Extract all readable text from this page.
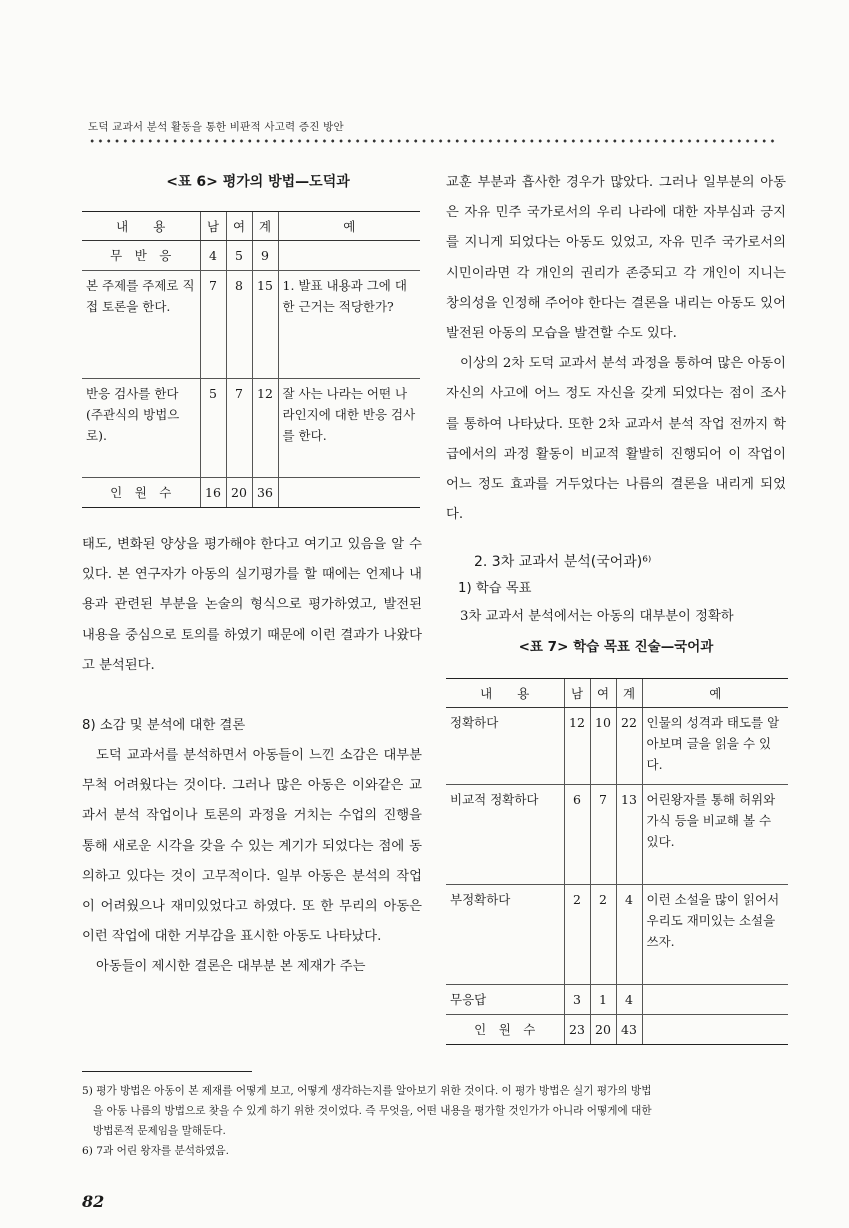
도덕 교과서 분석 활동을 통한 비판적 사고력 증진 방안
<표 6> 평가의 방법—도덕과
내　　용	남	여	계	예
무　반　응	4	5	9	
본 주제를 주제로 직접 토론을 한다.	7	8	15	1. 발표 내용과 그에 대한 근거는 적당한가?
반응 검사를 한다 (주관식의 방법으로).	5	7	12	잘 사는 나라는 어떤 나라인지에 대한 반응 검사를 한다.
인　원　수	16	20	36	

태도, 변화된 양상을 평가해야 한다고 여기고 있음을 알 수 있다. 본 연구자가 아동의 실기평가를 할 때에는 언제나 내용과 관련된 부분을 논술의 형식으로 평가하였고, 발전된 내용을 중심으로 토의를 하였기 때문에 이런 결과가 나왔다고 분석된다.

8) 소감 및 분석에 대한 결론

도덕 교과서를 분석하면서 아동들이 느낀 소감은 대부분 무척 어려웠다는 것이다. 그러나 많은 아동은 이와같은 교과서 분석 작업이나 토론의 과정을 거치는 수업의 진행을 통해 새로운 시각을 갖을 수 있는 계기가 되었다는 점에 동의하고 있다는 것이 고무적이다. 일부 아동은 분석의 작업이 어려웠으나 재미있었다고 하였다. 또 한 무리의 아동은 이런 작업에 대한 거부감을 표시한 아동도 나타났다.

아동들이 제시한 결론은 대부분 본 제재가 주는

교훈 부분과 흡사한 경우가 많았다. 그러나 일부분의 아동은 자유 민주 국가로서의 우리 나라에 대한 자부심과 긍지를 지니게 되었다는 아동도 있었고, 자유 민주 국가로서의 시민이라면 각 개인의 권리가 존중되고 각 개인이 지니는 창의성을 인정해 주어야 한다는 결론을 내리는 아동도 있어 발전된 아동의 모습을 발견할 수도 있다.

이상의 2차 도덕 교과서 분석 과정을 통하여 많은 아동이 자신의 사고에 어느 정도 자신을 갖게 되었다는 점이 조사를 통하여 나타났다. 또한 2차 교과서 분석 작업 전까지 학급에서의 과정 활동이 비교적 활발히 진행되어 이 작업이 어느 정도 효과를 거두었다는 나름의 결론을 내리게 되었다.

2. 3차 교과서 분석(국어과)⁶⁾

1) 학습 목표

3차 교과서 분석에서는 아동의 대부분이 정확하

<표 7> 학습 목표 진술—국어과
내　　용	남	여	계	예
정확하다	12	10	22	인물의 성격과 태도를 알아보며 글을 읽을 수 있다.
비교적 정확하다	6	7	13	어린왕자를 통해 허위와 가식 등을 비교해 볼 수 있다.
부정확하다	2	2	4	이런 소설을 많이 읽어서 우리도 재미있는 소설을 쓰자.
무응답	3	1	4	
인　원　수	23	20	43	

5) 평가 방법은 아동이 본 제재를 어떻게 보고, 어떻게 생각하는지를 알아보기 위한 것이다. 이 평가 방법은 실기 평가의 방법

을 아동 나름의 방법으로 찾을 수 있게 하기 위한 것이었다. 즉 무엇을, 어떤 내용을 평가할 것인가가 아니라 어떻게에 대한

방법론적 문제임을 말해둔다.

6) 7과 어린 왕자를 분석하였음.

82
